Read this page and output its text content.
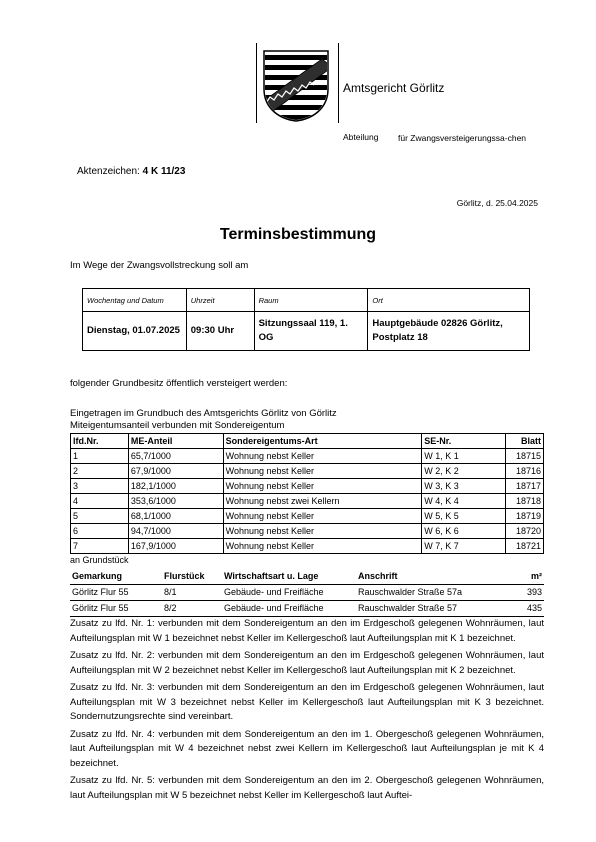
Amtsgericht Görlitz
Abteilung für Zwangsversteigerungssa-chen
Aktenzeichen: 4 K 11/23
Görlitz, d. 25.04.2025
Terminsbestimmung
Im Wege der Zwangsvollstreckung soll am
Wochentag und Datum	Uhrzeit	Raum	Ort
Dienstag, 01.07.2025	09:30 Uhr	Sitzungssaal 119, 1. OG	Hauptgebäude 02826 Görlitz, Postplatz 18
folgender Grundbesitz öffentlich versteigert werden:
Eingetragen im Grundbuch des Amtsgerichts Görlitz von Görlitz
Miteigentumsanteil verbunden mit Sondereigentum
lfd.Nr.	ME-Anteil	Sondereigentums-Art	SE-Nr.	Blatt
1	65,7/1000	Wohnung nebst Keller	W 1, K 1	18715
2	67,9/1000	Wohnung nebst Keller	W 2, K 2	18716
3	182,1/1000	Wohnung nebst Keller	W 3, K 3	18717
4	353,6/1000	Wohnung nebst zwei Kellern	W 4, K 4	18718
5	68,1/1000	Wohnung nebst Keller	W 5, K 5	18719
6	94,7/1000	Wohnung nebst Keller	W 6, K 6	18720
7	167,9/1000	Wohnung nebst Keller	W 7, K 7	18721
an Grundstück
Gemarkung	Flurstück	Wirtschaftsart u. Lage	Anschrift	m²
Görlitz Flur 55	8/1	Gebäude- und Freifläche	Rauschwalder Straße 57a	393
Görlitz Flur 55	8/2	Gebäude- und Freifläche	Rauschwalder Straße 57	435

Zusatz zu lfd. Nr. 1: verbunden mit dem Sondereigentum an den im Erdgeschoß gelegenen Wohnräumen, laut Aufteilungsplan mit W 1 bezeichnet nebst Keller im Kellergeschoß laut Aufteilungsplan mit K 1 bezeichnet.

Zusatz zu lfd. Nr. 2: verbunden mit dem Sondereigentum an den im Erdgeschoß gelegenen Wohnräumen, laut Aufteilungsplan mit W 2 bezeichnet nebst Keller im Kellergeschoß laut Aufteilungsplan mit K 2 bezeichnet.

Zusatz zu lfd. Nr. 3: verbunden mit dem Sondereigentum an den im Erdgeschoß gelegenen Wohnräumen, laut Aufteilungsplan mit W 3 bezeichnet nebst Keller im Kellergeschoß laut Aufteilungsplan mit K 3 bezeichnet. Sondernutzungsrechte sind vereinbart.

Zusatz zu lfd. Nr. 4: verbunden mit dem Sondereigentum an den im 1. Obergeschoß gelegenen Wohnräumen, laut Aufteilungsplan mit W 4 bezeichnet nebst zwei Kellern im Kellergeschoß laut Aufteilungsplan je mit K 4 bezeichnet.

Zusatz zu lfd. Nr. 5: verbunden mit dem Sondereigentum an den im 2. Obergeschoß gelegenen Wohnräumen, laut Aufteilungsplan mit W 5 bezeichnet nebst Keller im Kellergeschoß laut Auftei-
